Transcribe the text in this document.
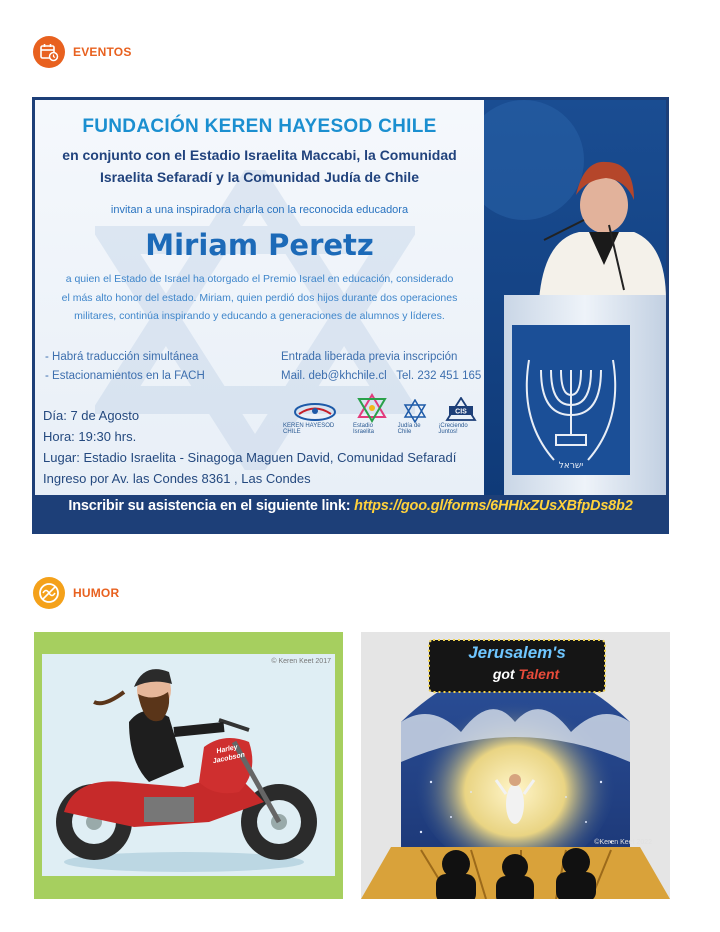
EVENTOS
FUNDACIÓN KEREN HAYESOD CHILE
en conjunto con el Estadio Israelita Maccabi, la Comunidad
Israelita Sefaradí y la Comunidad Judía de Chile
invitan a una inspiradora charla con la reconocida educadora
Miriam Peretz
a quien el Estado de Israel ha otorgado el Premio Israel en educación, considerado
el más alto honor del estado. Miriam, quien perdió dos hijos durante dos operaciones
militares, continúa inspirando y educando a generaciones de alumnos y líderes.
- Habrá traducción simultánea
- Estacionamientos en la FACH
Entrada liberada previa inscripción
Mail. deb@khchile.cl Tel. 232 451 165
KEREN HAYESOD CHILE
Estadio Israelita
Judía de Chile
CIS
¡Creciendo Juntos!
Día: 7 de Agosto
Hora: 19:30 hrs.
Lugar: Estadio Israelita - Sinagoga Maguen David, Comunidad Sefaradí
Ingreso por Av. las Condes 8361 , Las Condes
ישראל
Inscribir su asistencia en el siguiente link: https://goo.gl/forms/6HHIxZUsXBfpDs8b2
HUMOR
Harley Jacobson
© Keren Keet 2017	Jerusalem's
got Talent
©Keren Keet 2022
